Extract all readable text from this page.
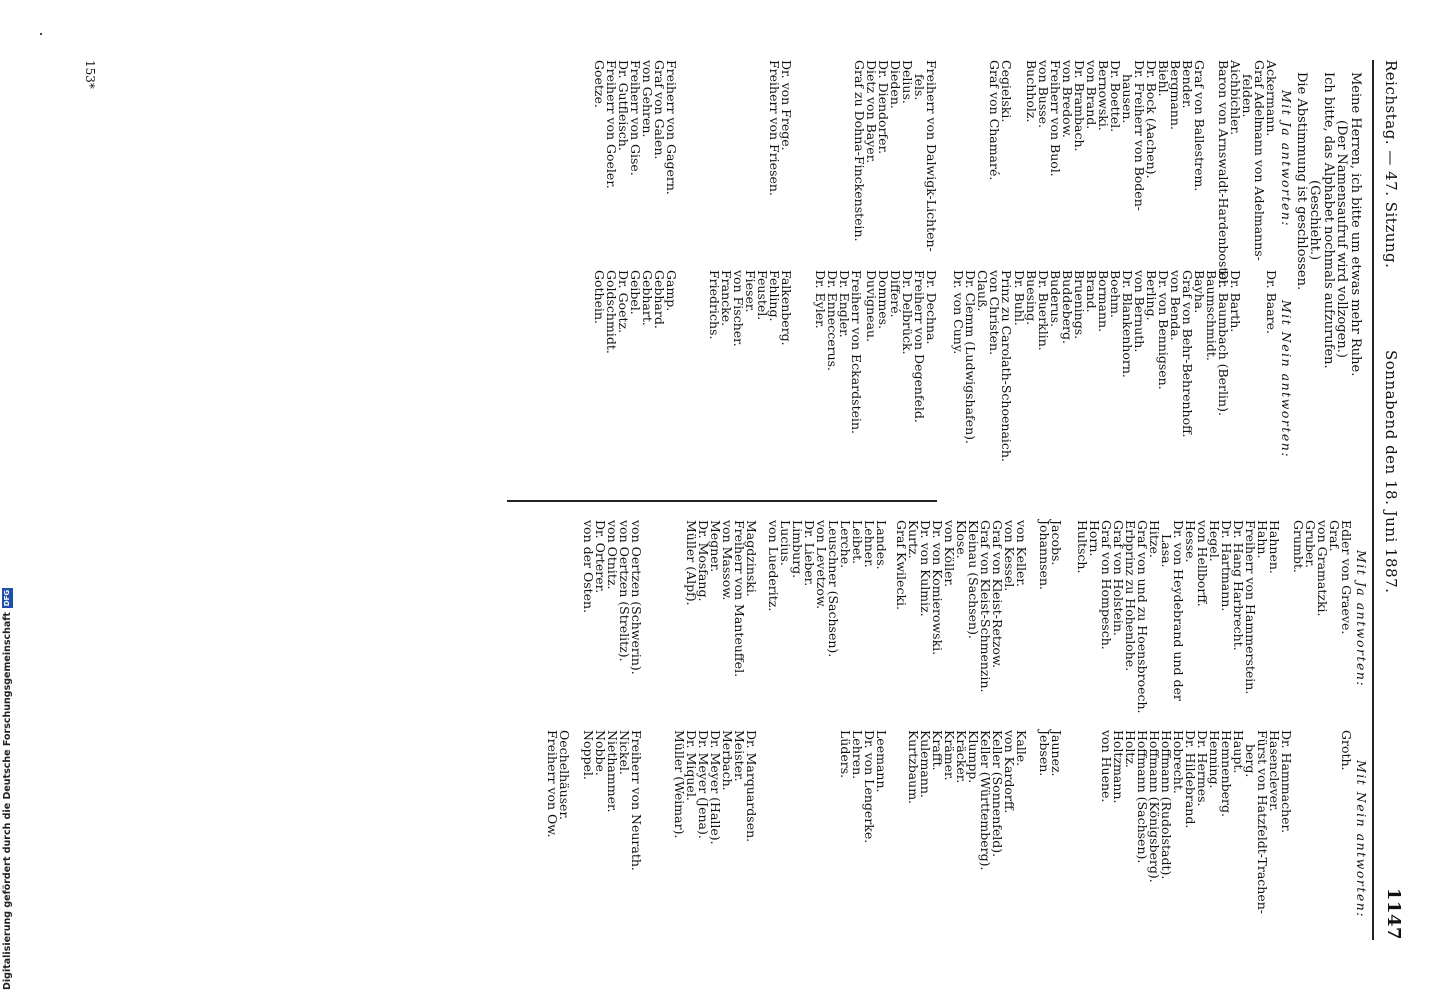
Digitalisierung gefördert durch die Deutsche ForschungsgemeinschaftDFG
Reichstag. — 47. Sitzung.
Sonnabend den 18. Juni 1887.
1147
Meine Herren, ich bitte um etwas mehr Ruhe.
(Der Namensaufruf wird vollzogen.)
Ich bitte, das Alphabet nochmals aufzurufen.
(Geschieht.)
Die Abstimmung ist geschlossen.
Mit Ja antworten:
Mit Nein antworten:
Ackermann.
Graf Adelmann von Adelmanns-
felden.
Aichbichler.
Baron von Arnswaldt-Hardenbostel.
Graf von Ballestrem.
Bender.
Bergmann.
Biehl.
Dr. Bock (Aachen).
Dr. Freiherr von Boden-
hausen.
Dr. Boettel.
Bernowski.
von Brand.
Dr. Brambach.
von Bredow.
Freiherr von Buol.
von Busse.
Buchholz.
Dr. Baare.
Dr. Barth.
Dr. Baumbach (Berlin).
Baumschmidt.
Bayha.
Graf von Behr-Behrenhoff.
von Benda.
Dr. von Bennigsen.
Berling.
von Bernuth.
Dr. Blankenhorn.
Boehm.
Bormann.
Brand.
Bruenings.
Buddeberg.
Buderus.
Dr. Buerklin.
Buesing.
Dr. Buhl.
Cegielski.
Graf von Chamaré.
Prinz zu Carolath-Schoenaich.
von Christen.
Clauß.
Dr. Clemm (Ludwigshafen).
Dr. von Cuny.
Freiherr von Dalwigk-Lichten-
fels.
Delius.
Dieden.
Dr. Diendorfer.
Dietz von Bayer.
Graf zu Dohna-Finckenstein.
Dr. Dechna.
Freiherr von Degenfeld.
Dr. Delbrück.
Differé.
Dommes.
Duvigneau.
Freiherr von Eckardstein.
Dr. Engler.
Dr. Enneccerus.
Dr. Eyler.
Dr. von Frege.
Freiherr von Friesen.
Falkenberg.
Fehling.
Feustel.
Fieser.
von Fischer.
Francke.
Friedrichs.
Freiherr von Gagern.
Graf von Galen.
von Gehren.
Freiherr von Gise.
Dr. Gutfleisch.
Freiherr von Goeler.
Goetze.
Gamp.
Gebhard.
Gebhart.
Geibel.
Dr. Goetz.
Goldschmidt.
Gothein.
Mit Ja antworten:
Mit Nein antworten:
Edler von Graeve.
Graf.
von Gramatzki.
Gruber.
Grumbt.
Hahnen.
Hahn.
Freiherr von Hammerstein.
Dr. Hang Harbrecht.
Dr. Hartmann.
Hegel.
von Hellborff.
Hesse.
Dr. von Heydebrand und der
Lasa.
Hitze.
Graf von und zu Hoensbroech.
Erbprinz zu Hohenlohe.
Graf von Holstein.
Graf von Hompesch.
Horn.
Hultsch.
Groth.
Dr. Hammacher.
Hasenclever.
Fürst von Hatzfeldt-Trachen-
berg.
Haupt.
Hemnenberg.
Henning.
Dr. Hermes.
Dr. Hildebrand.
Hobrecht.
Hoffmann (Rudolstadt).
Hoffmann (Königsberg).
Hoffmann (Sachsen).
Holtz.
Holtzmann.
von Huene.
Jacobs.
Johannsen.
Jaunez.
Jebsen.
von Keller.
von Kessel.
Graf von Kleist-Retzow.
Graf von Kleist-Schmenzin.
Kleinau (Sachsen).
Klose.
von Köller.
Dr. von Komierowski.
Dr. von Kulmiz.
Kurtz.
Graf Kwilecki.
Kalle.
von Kardorff.
Keller (Sonnenfeld).
Keller (Württemberg).
Klumpp.
Kräcker.
Krämer.
Krafft.
Kulemann.
Kurtzbaum.
Landes.
Lehner.
Leibet.
Lerche.
Leuschner (Sachsen).
von Levetzow.
Dr. Lieber.
Limburg.
Lucius.
von Luederitz.
Leemann.
Dr. von Lengerke.
Lehren.
Lüders.
Magdzinski.
Freiherr von Manteuffel.
von Massow.
Megner.
Dr. Mosfang.
Müller (Alpf).
Dr. Marquardsen.
Meister.
Merbach.
Dr. Meyer (Halle).
Dr. Meyer (Jena).
Dr. Miquel.
Müller (Weimar).
von Oertzen (Schwerin).
von Oertzen (Strelitz).
von Otnitz.
Dr. Orterer.
von der Osten.
Freiherr von Neurath.
Nickel.
Niethammer.
Nobbe.
Noppel.
Oechelhäuser.
Freiherr von Ow.
153*
